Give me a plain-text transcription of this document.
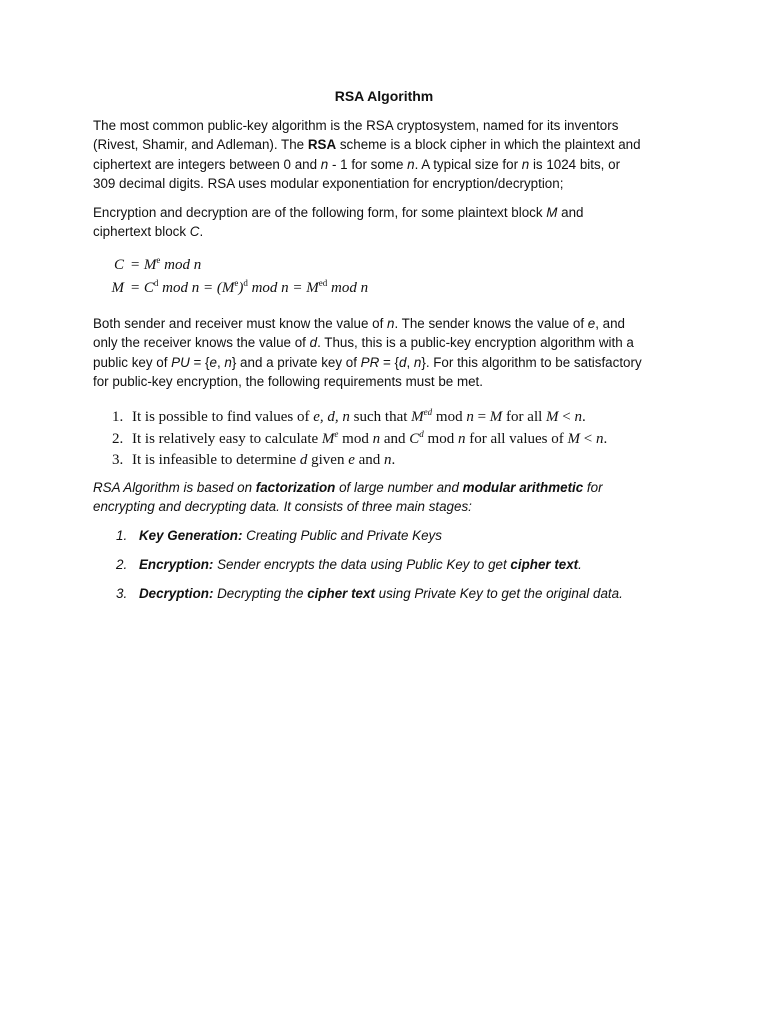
RSA Algorithm
The most common public-key algorithm is the RSA cryptosystem, named for its inventors
(Rivest, Shamir, and Adleman). The RSA scheme is a block cipher in which the plaintext and
ciphertext are integers between 0 and n - 1 for some n. A typical size for n is 1024 bits, or
309 decimal digits. RSA uses modular exponentiation for encryption/decryption;
Encryption and decryption are of the following form, for some plaintext block M and
ciphertext block C.
$C = M^e$ mod n
$M = C^d$ mod $n = (M^e)^d$ mod $n = M^{ed}$ mod n
Both sender and receiver must know the value of n. The sender knows the value of e, and
only the receiver knows the value of d. Thus, this is a public-key encryption algorithm with a
public key of PU = {e, n} and a private key of PR = {d, n}. For this algorithm to be satisfactory
for public-key encryption, the following requirements must be met.
1. It is possible to find values of e, d, n such that $M^{ed}$ mod n = M for all M < n.
2. It is relatively easy to calculate Me mod n and $C^d$ mod n for all values of M < n.
3. It is infeasible to determine d given e and n.
RSA Algorithm is based on factorization of large number and modular arithmetic for
encrypting and decrypting data. It consists of three main stages:
1. Key Generation: Creating Public and Private Keys
2. Encryption: Sender encrypts the data using Public Key to get cipher text.
3. Decryption: Decrypting the cipher text using Private Key to get the original data.
